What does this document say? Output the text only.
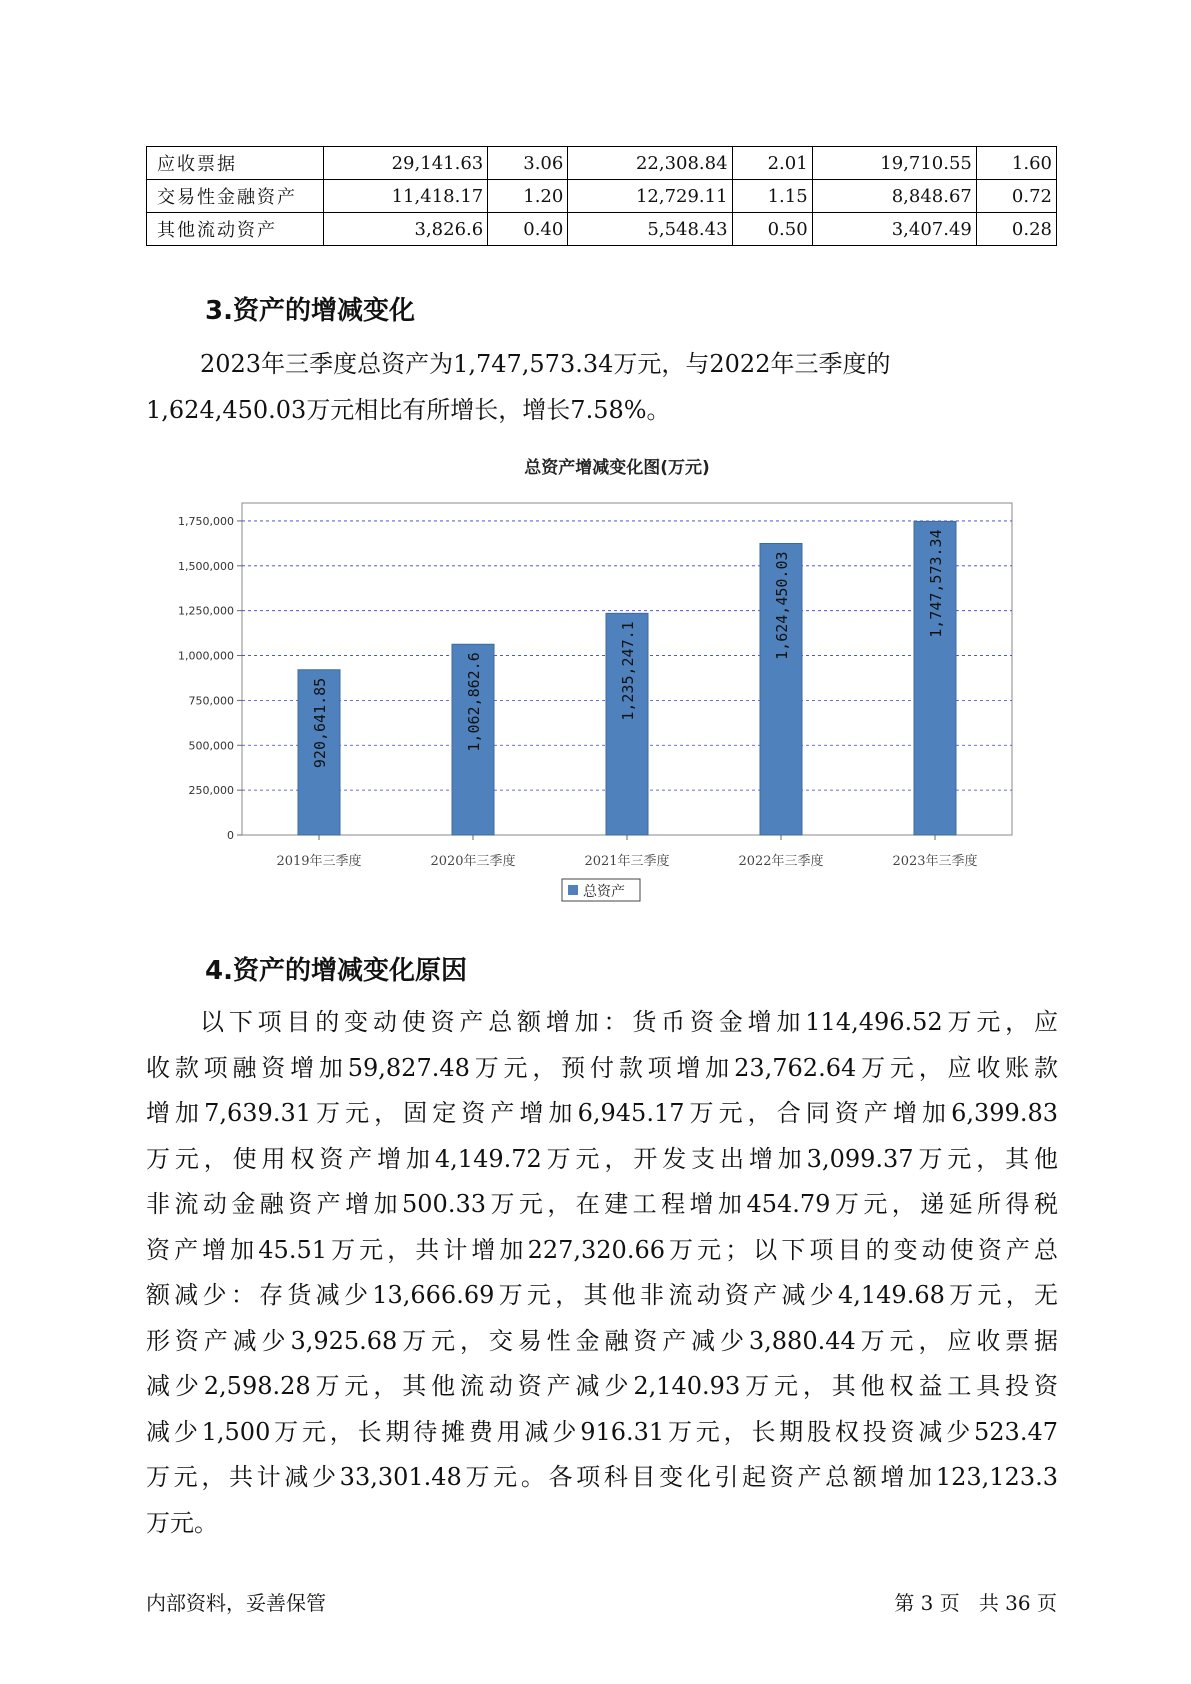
应收票据	29,141.63	3.06	22,308.84	2.01	19,710.55	1.60
交易性金融资产	11,418.17	1.20	12,729.11	1.15	8,848.67	0.72
其他流动资产	3,826.6	0.40	5,548.43	0.50	3,407.49	0.28
3.资产的增减变化
2023年三季度总资产为1,747,573.34万元，与2022年三季度的
1,624,450.03万元相比有所增长，增长7.58%。
总资产增减变化图(万元)
0
250,000
500,000
750,000
1,000,000
1,250,000
1,500,000
1,750,000
920,641.85
2019年三季度
1,062,862.6
2020年三季度
1,235,247.1
2021年三季度
1,624,450.03
2022年三季度
1,747,573.34
2023年三季度
总资产
4.资产的增减变化原因
以下项目的变动使资产总额增加：货币资金增加114,496.52万元，应
收款项融资增加59,827.48万元，预付款项增加23,762.64万元，应收账款
增加7,639.31万元，固定资产增加6,945.17万元，合同资产增加6,399.83
万元，使用权资产增加4,149.72万元，开发支出增加3,099.37万元，其他
非流动金融资产增加500.33万元，在建工程增加454.79万元，递延所得税
资产增加45.51万元，共计增加227,320.66万元；以下项目的变动使资产总
额减少：存货减少13,666.69万元，其他非流动资产减少4,149.68万元，无
形资产减少3,925.68万元，交易性金融资产减少3,880.44万元，应收票据
减少2,598.28万元，其他流动资产减少2,140.93万元，其他权益工具投资
减少1,500万元，长期待摊费用减少916.31万元，长期股权投资减少523.47
万元，共计减少33,301.48万元。各项科目变化引起资产总额增加123,123.3
万元。
内部资料，妥善保管	第 3 页   共 36 页
